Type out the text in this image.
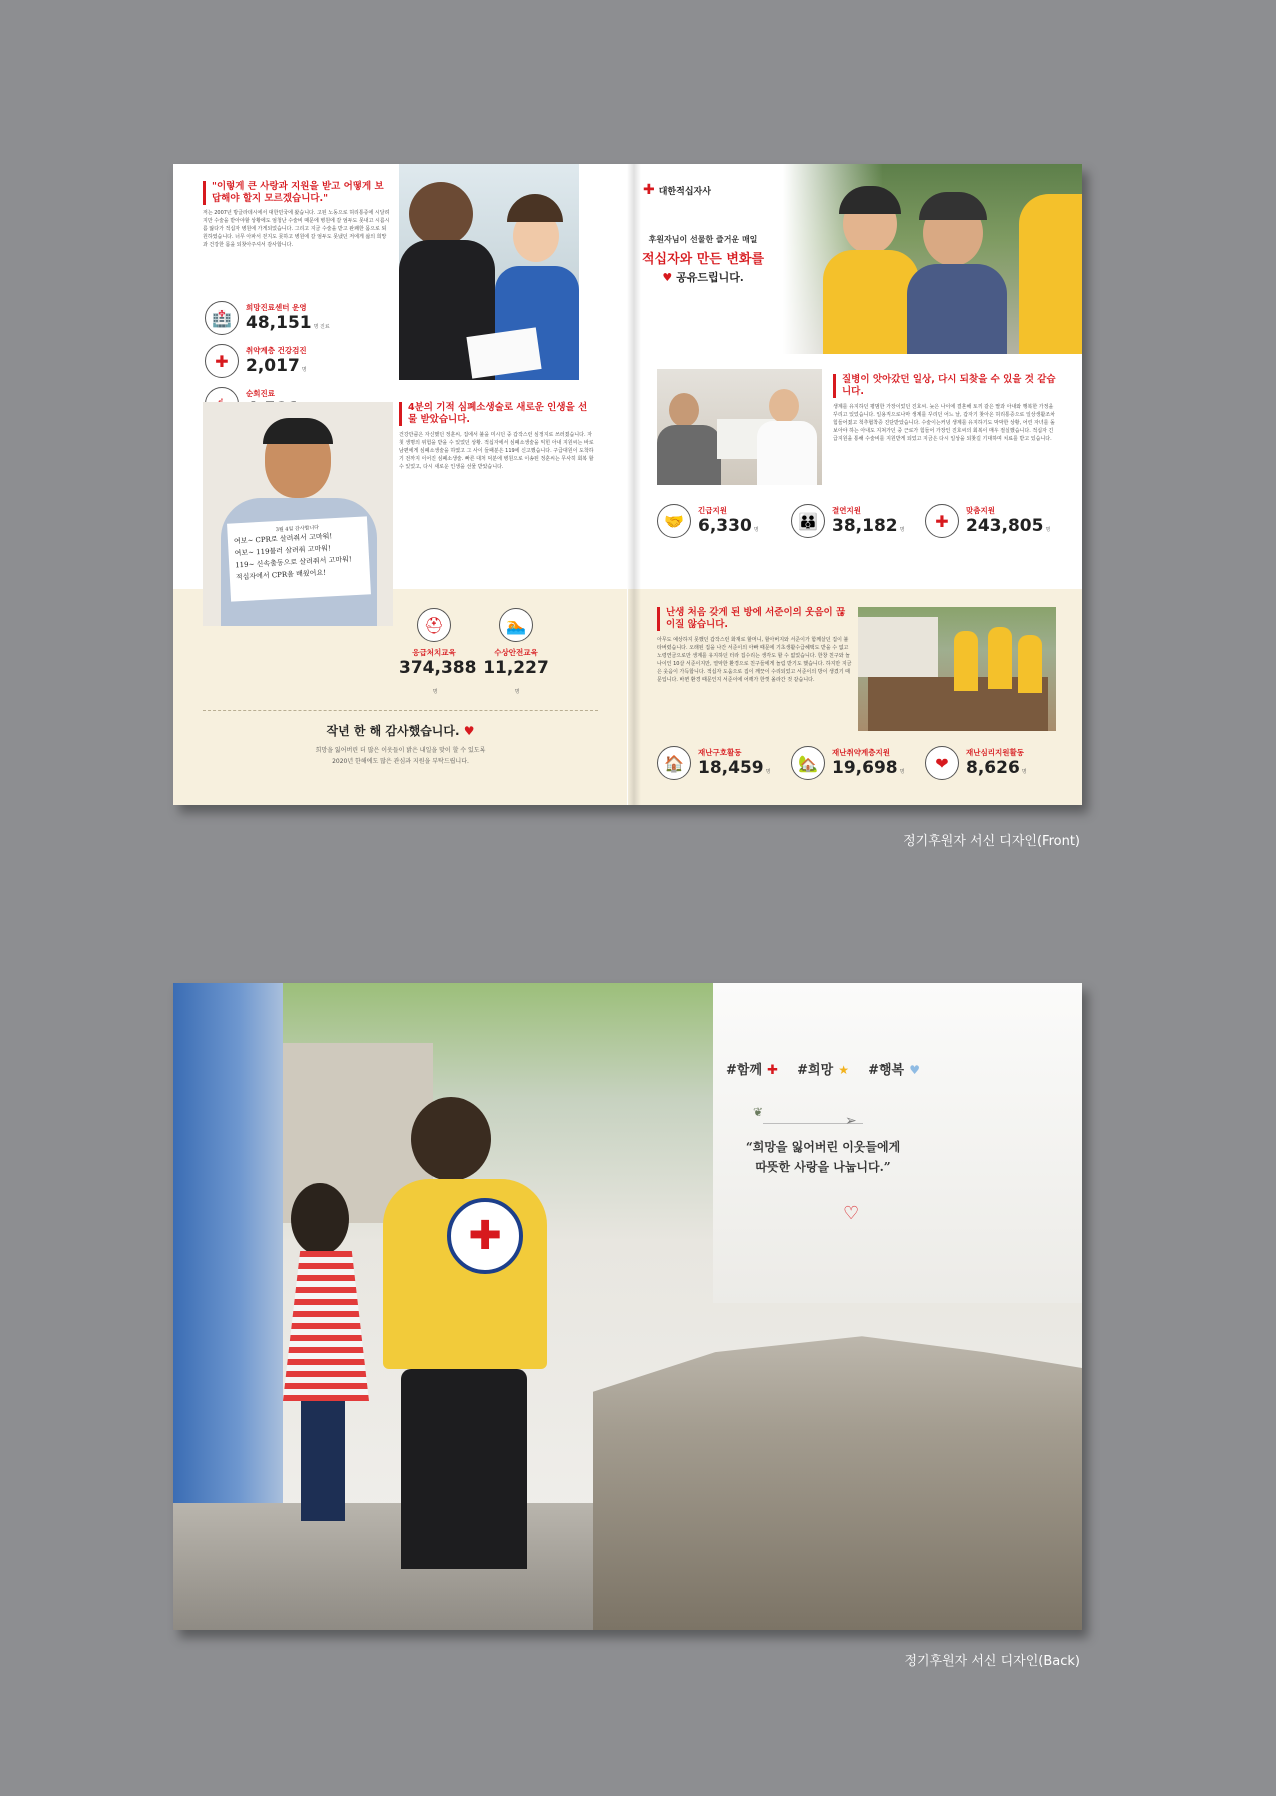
"이렇게 큰 사랑과 지원을 받고 어떻게 보답해야 할지 모르겠습니다."
저는 2007년 방글라데시에서 대한민국에 왔습니다. 고된 노동으로 허리통증에 시달려지만 수술을 받아야할 상황에도 엄청난 수술비 때문에 병원에 갈 엄두도 못내고 시름시름 앓다가 적십자 병원에 가게되었습니다. 그리고 지금 수술을 받고 완쾌한 몸으로 퇴원하였습니다. 너무 아파서 걷지도 못하고 병원에 갈 엄두도 못냈던 저에게 삶의 희망과 건강한 몸을 되찾아주셔서 감사합니다.
🏥
희망진료센터 운영
48,151 명 진료
✚
취약계층 건강검진
2,017 명
순회진료
3월 4일 감사합니다
여보~ CPR로 살려줘서 고마워!
여보~ 119불러 살려줘 고마워!
119~ 신속출동으로 살려줘서 고마워!
적십자에서 CPR을 배웠어요!
4분의 기적 심폐소생술로 새로운 인생을 선물 받았습니다.
건강만큼은 자신했던 정훈씨, 집에서 불을 미시던 중 갑작스런 심정지로 쓰러졌습니다. 자칫 생명의 위험을 받을 수 있었던 상황. 적십자에서 심폐소생술을 익힌 아내 지원씨는 바로 남편에게 심폐소생술을 하였고 그 사이 들패분은 119에 신고했습니다. 구급대원이 도착하기 전까지 이어진 심폐소생술. 빠른 대처 덕분에 병원으로 이송된 정훈씨는 무사히 회복 할 수 있었고, 다시 새로운 인생을 선물 받았습니다.
⛑
응급처치교육
374,388명
🏊
수상안전교육
11,227명
작년 한 해 감사했습니다. ♥
희망을 잃어버린 더 많은 이웃들이 밝은 내일을 맞이 할 수 있도록
2020년 한해에도 많은 관심과 지원을 부탁드립니다.
✚ 대한적십자사
후원자님이 선물한 즐거운 매일
적십자와 만든 변화를
♥ 공유드립니다.
질병이 앗아갔던 일상, 다시 되찾을 수 있을 것 같습니다.
생계를 유지하던 평범한 가장이었던 진호씨. 늦은 나이에 결혼해 토끼 같은 딸과 아내와 행복한 가정을 꾸리고 있었습니다. 일용직으로나마 생계를 꾸리던 어느 날, 갑자기 찾아온 허리통증으로 일상생활조차 힘들어졌고 척추협착증 진단받았습니다. 수술이는커녕 생계를 유지하기도 막막한 상황, 어린 자녀를 돌보아야 하는 아내도 지쳐가던 중 근로가 힘들어 가장인 진호씨의 회복이 매우 절실했습니다. 적십자 긴급지원을 통해 수술비를 지원받게 되었고 지금은 다시 일상을 되찾길 기대하며 치료를 받고 있습니다.
🤝
긴급지원
6,330 명	👪
결연지원
38,182 명	✚
맞춤지원
243,805 명
난생 처음 갖게 된 방에 서준이의 웃음이 끊이질 않습니다.
아무도 예상하지 못했던 갑작스런 화재로 할머니, 할아버지와 서준이가 함께살던 집이 불타버렸습니다. 오래된 집을 나간 서준이의 아빠 때문에 기초생활수급혜택도 받을 수 없고 노령연금으로만 생계를 유지하던 터라 집수리는 생각도 할 수 없었습니다. 한창 친구와 놀 나이인 10살 서준이지만, 열악한 환경으로 친구들에게 놀림 받기도 했습니다. 하지만 지금은 웃음이 가득합니다. 적십자 도움으로 집이 깨끗이 수리되었고 서준이의 방이 생겼기 때문입니다. 바뀐 환경 때문인지 서준이에 어깨가 한껏 올라간 것 같습니다.
🏠
재난구호활동
18,459 명	🏡
재난취약계층지원
19,698 명	❤
재난심리지원활동
8,626 명
정기후원자 서신 디자인(Front)
✚
#함께 ✚ #희망 ★ #행복 ♥
❦
➢
“희망을 잃어버린 이웃들에게
따뜻한 사랑을 나눕니다.”
♡
정기후원자 서신 디자인(Back)
